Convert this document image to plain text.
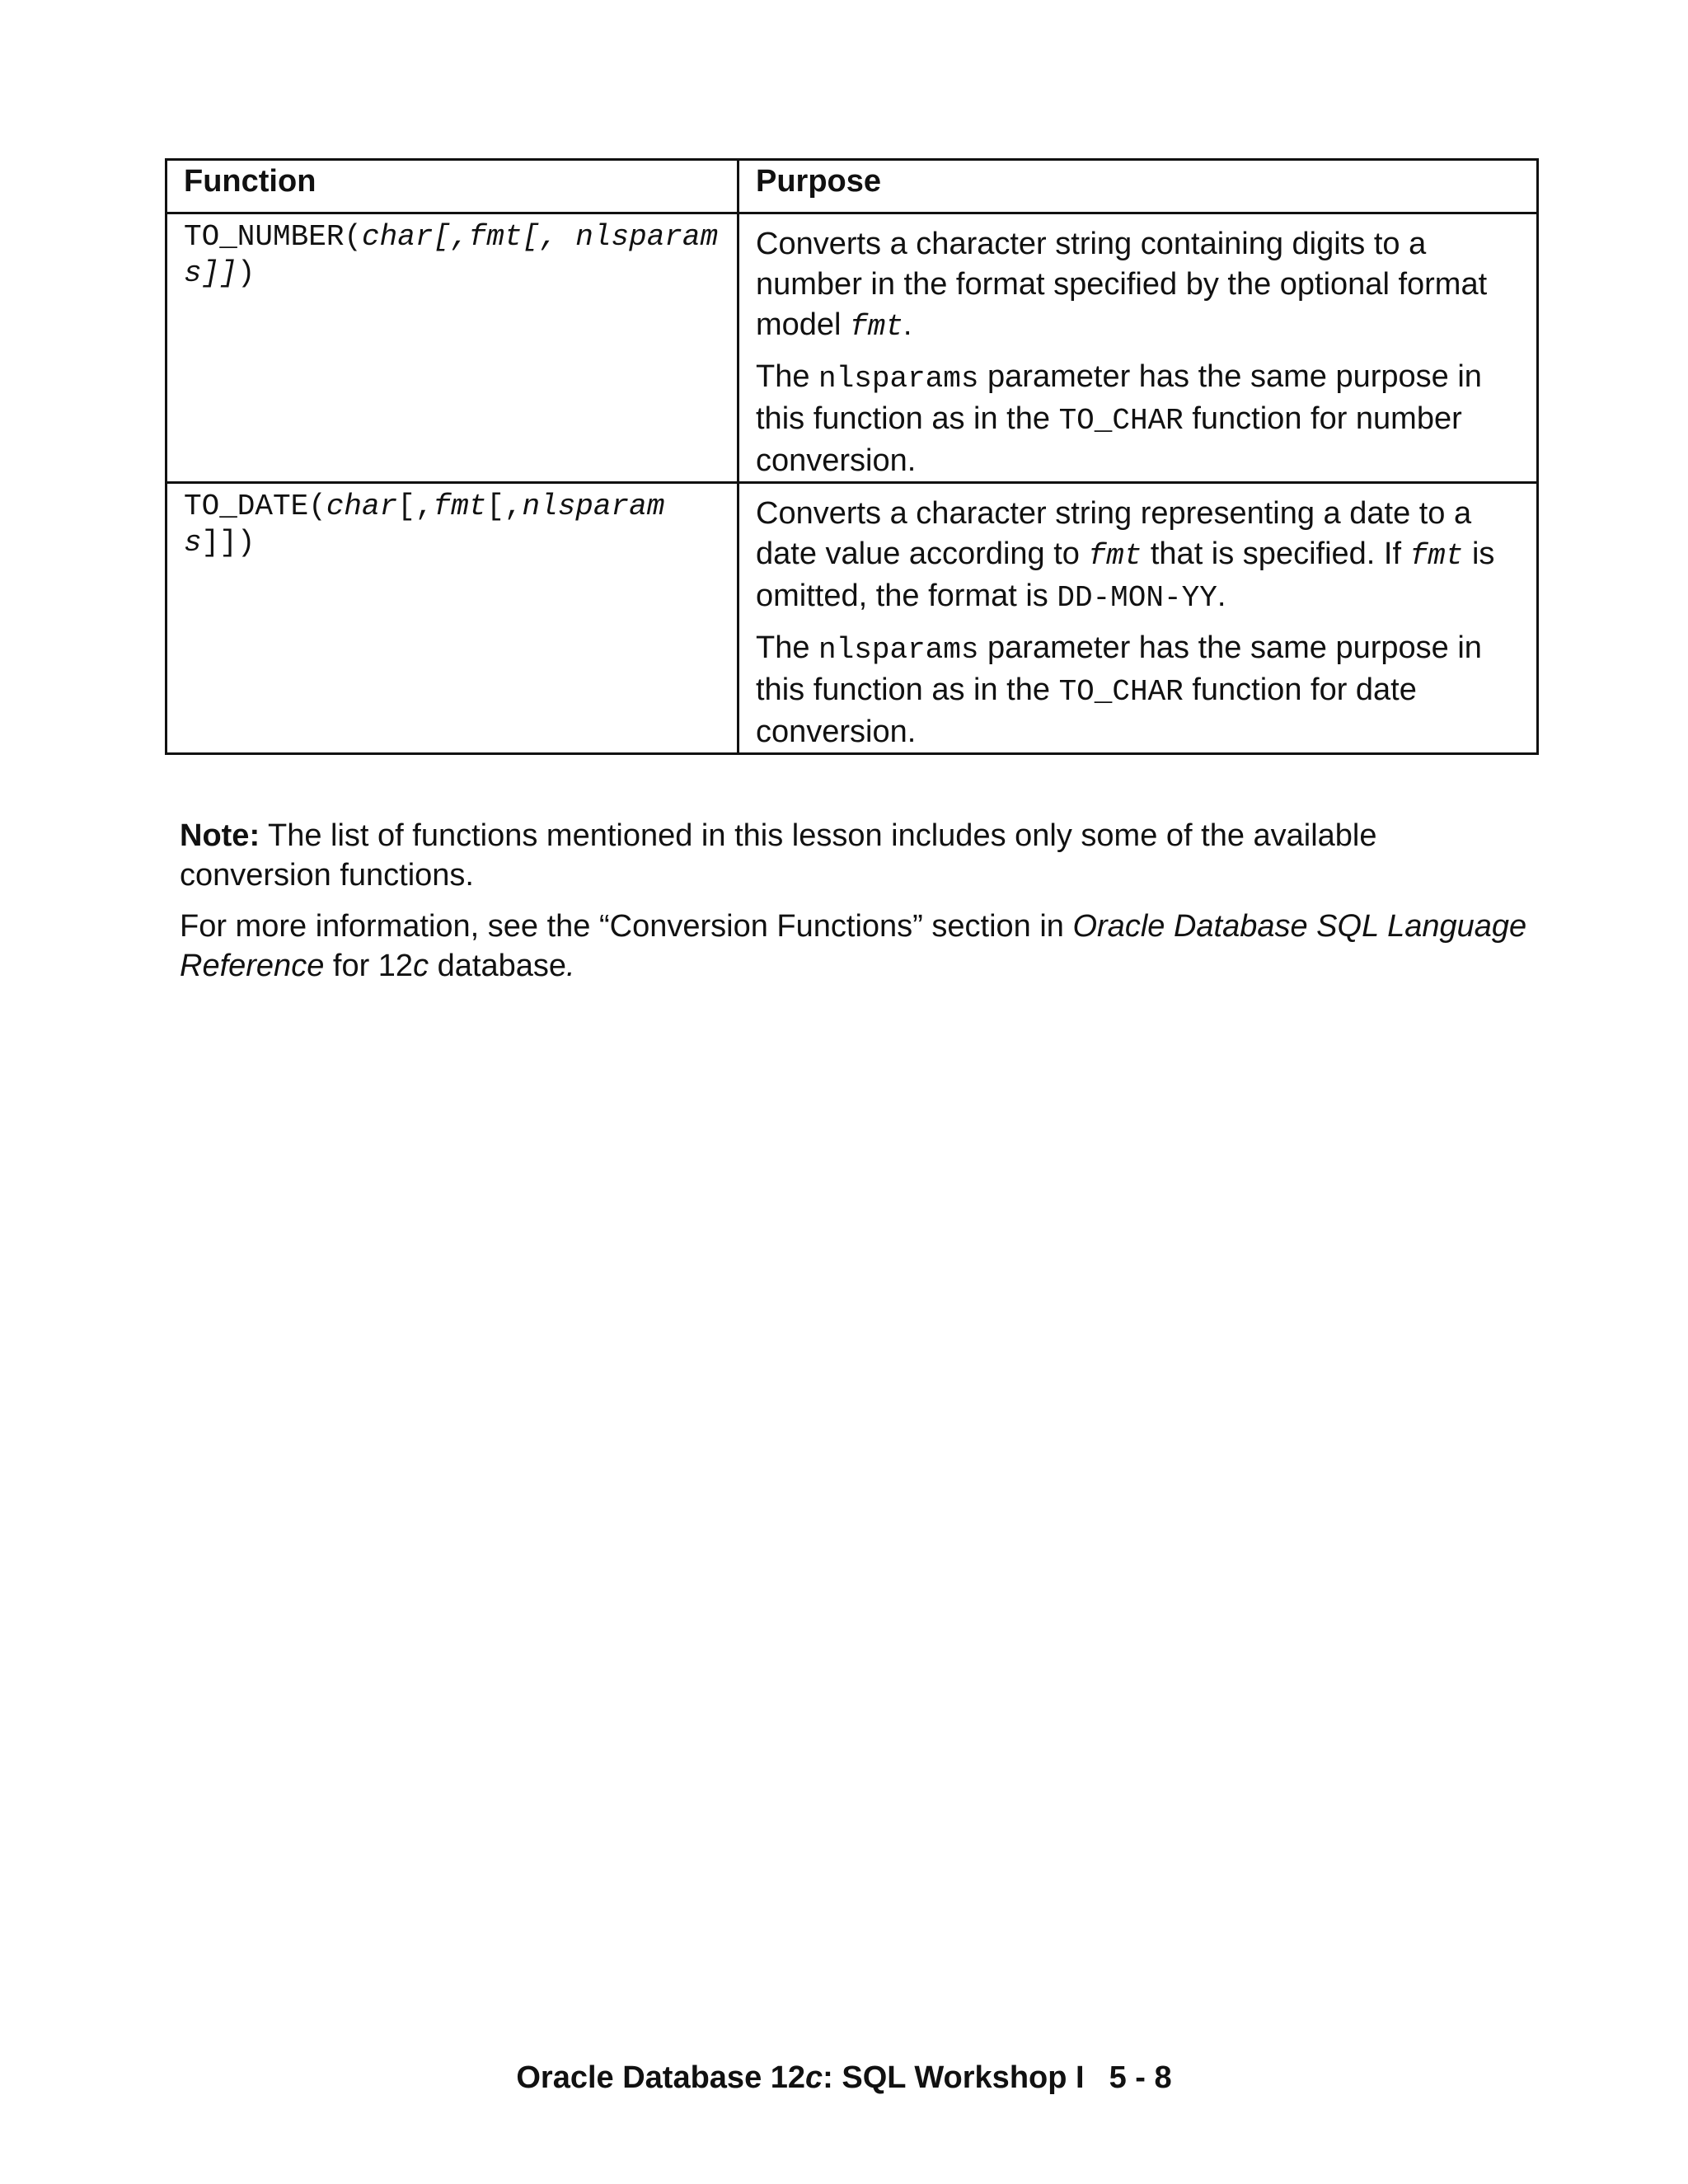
Function	Purpose
TO_NUMBER(char[,fmt[, nlsparams]])	Converts a character string containing digits to a number in the format specified by the optional format model fmt.

The nlsparams parameter has the same purpose in this function as in the TO_CHAR function for number conversion.

TO_DATE(char[,fmt[,nlsparams]])	Converts a character string representing a date to a date value according to fmt that is specified. If fmt is omitted, the format is DD-MON-YY.

The nlsparams parameter has the same purpose in this function as in the TO_CHAR function for date conversion.

Note: The list of functions mentioned in this lesson includes only some of the available conversion functions.

For more information, see the “Conversion Functions” section in Oracle Database SQL Language Reference for 12c database.

Oracle Database 12c: SQL Workshop I 5 - 8
